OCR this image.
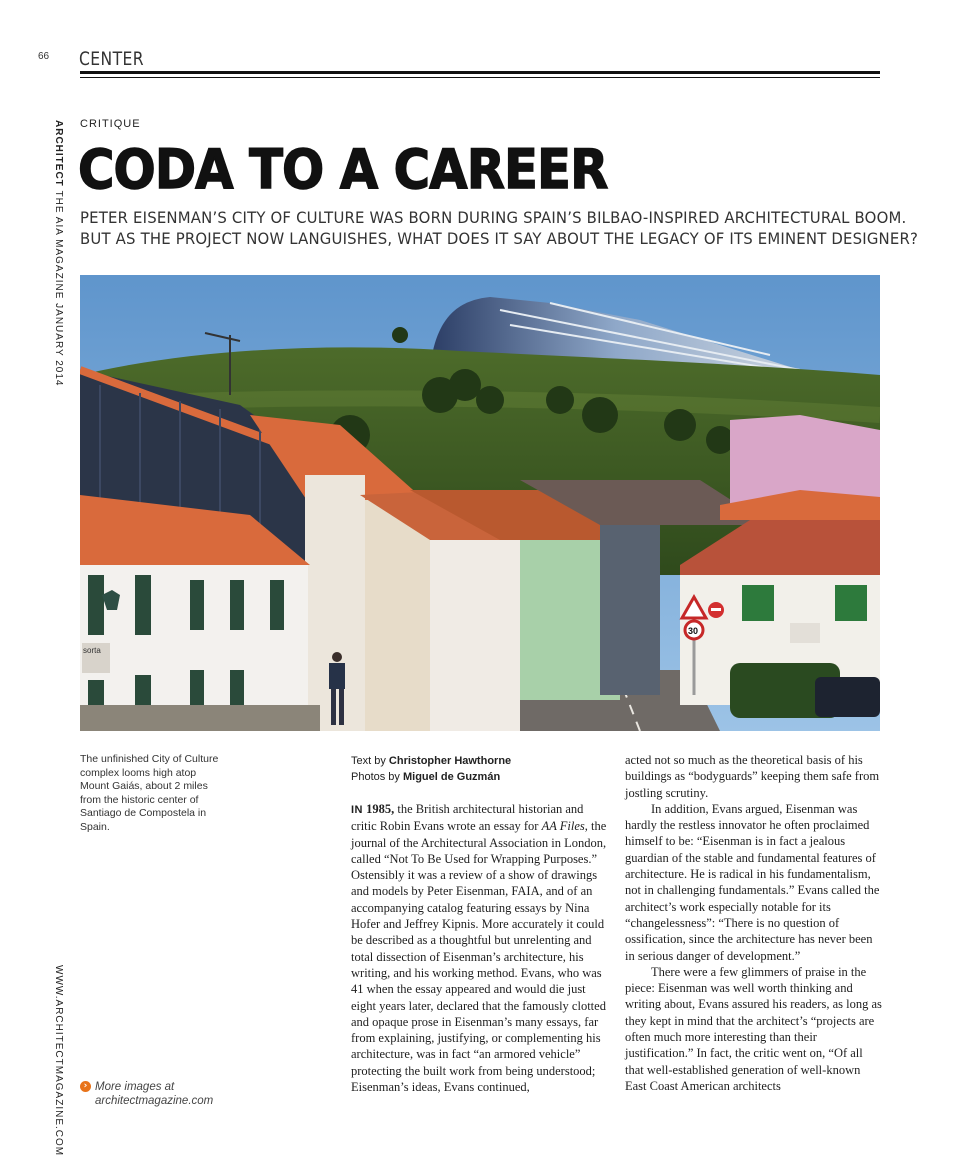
66 CENTER
ARCHITECT THE AIA MAGAZINE JANUARY 2014
WWW.ARCHITECTMAGAZINE.COM
CRITIQUE
CODA TO A CAREER
PETER EISENMAN’S CITY OF CULTURE WAS BORN DURING SPAIN’S BILBAO-INSPIRED ARCHITECTURAL BOOM.
BUT AS THE PROJECT NOW LANGUISHES, WHAT DOES IT SAY ABOUT THE LEGACY OF ITS EMINENT DESIGNER?
sorta
30
The unfinished City of Culture complex looms high atop Mount Gaiás, about 2 miles from the historic center of Santiago de Compostela in Spain.
› More images at
architectmagazine.com
Text by Christopher Hawthorne
Photos by Miguel de Guzmán

IN 1985, the British architectural historian and critic Robin Evans wrote an essay for AA Files, the journal of the Architectural Association in London, called “Not To Be Used for Wrapping Purposes.” Ostensibly it was a review of a show of drawings and models by Peter Eisenman, FAIA, and of an accompanying catalog featuring essays by Nina Hofer and Jeffrey Kipnis. More accurately it could be described as a thoughtful but unrelenting and total dissection of Eisenman’s architecture, his writing, and his working method. Evans, who was 41 when the essay appeared and would die just eight years later, declared that the famously clotted and opaque prose in Eisenman’s many essays, far from explaining, justifying, or complementing his architecture, was in fact “an armored vehicle” protecting the built work from being understood; Eisenman’s ideas, Evans continued,

acted not so much as the theoretical basis of his buildings as “bodyguards” keeping them safe from jostling scrutiny.

In addition, Evans argued, Eisenman was hardly the restless innovator he often proclaimed himself to be: “Eisenman is in fact a jealous guardian of the stable and fundamental features of architecture. He is radical in his fundamentalism, not in challenging fundamentals.” Evans called the architect’s work especially notable for its “changelessness”: “There is no question of ossification, since the architecture has never been in serious danger of development.”

There were a few glimmers of praise in the piece: Eisenman was well worth thinking and writing about, Evans assured his readers, as long as they kept in mind that the architect’s “projects are often much more interesting than their justification.” In fact, the critic went on, “Of all that well-established generation of well-known East Coast American architects
